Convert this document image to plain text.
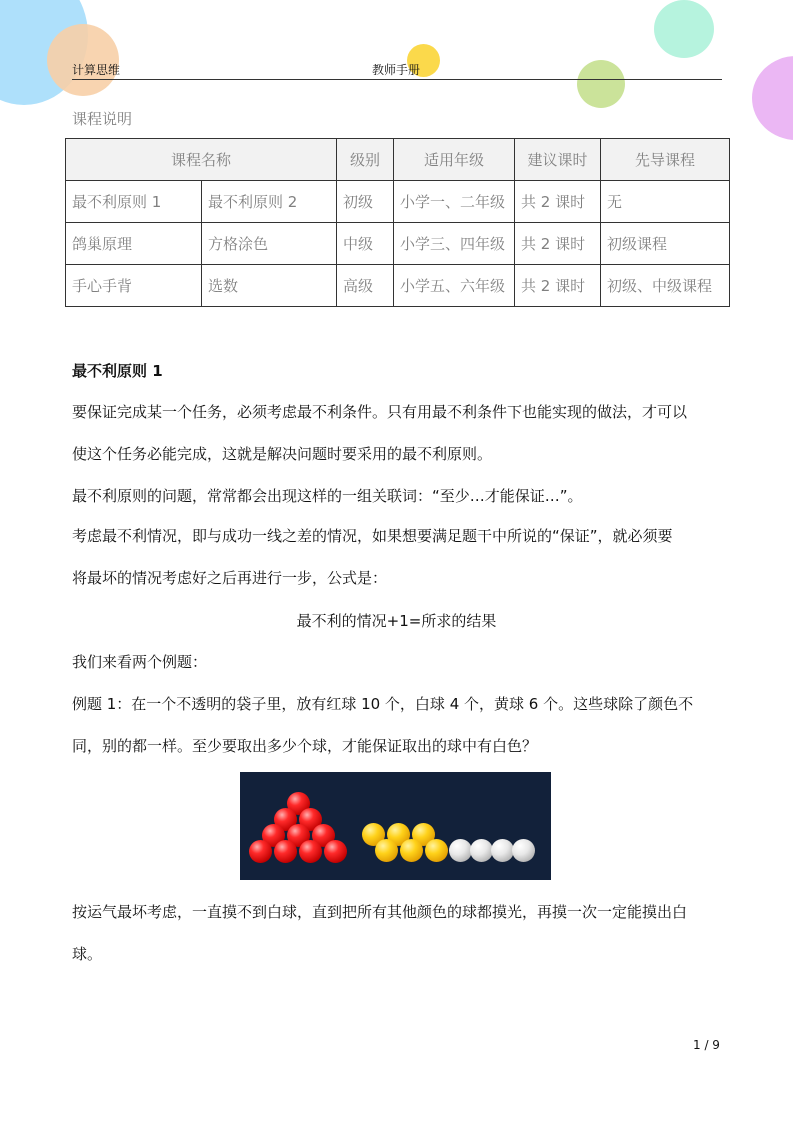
计算思维	教师手册
课程说明
课程名称		级别	适用年级	建议课时	先导课程
最不利原则 1	最不利原则 2	初级	小学一、二年级	共 2 课时	无
鸽巢原理	方格涂色	中级	小学三、四年级	共 2 课时	初级课程
手心手背	选数	高级	小学五、六年级	共 2 课时	初级、中级课程
最不利原则 1
要保证完成某一个任务，必须考虑最不利条件。只有用最不利条件下也能实现的做法，才可以
使这个任务必能完成，这就是解决问题时要采用的最不利原则。
最不利原则的问题，常常都会出现这样的一组关联词：“至少…才能保证…”。
考虑最不利情况，即与成功一线之差的情况，如果想要满足题干中所说的“保证”，就必须要
将最坏的情况考虑好之后再进行一步，公式是：
最不利的情况+1=所求的结果
我们来看两个例题：
例题 1：在一个不透明的袋子里，放有红球 10 个，白球 4 个，黄球 6 个。这些球除了颜色不
同，别的都一样。至少要取出多少个球，才能保证取出的球中有白色？
按运气最坏考虑，一直摸不到白球，直到把所有其他颜色的球都摸光，再摸一次一定能摸出白
球。
1 / 9
